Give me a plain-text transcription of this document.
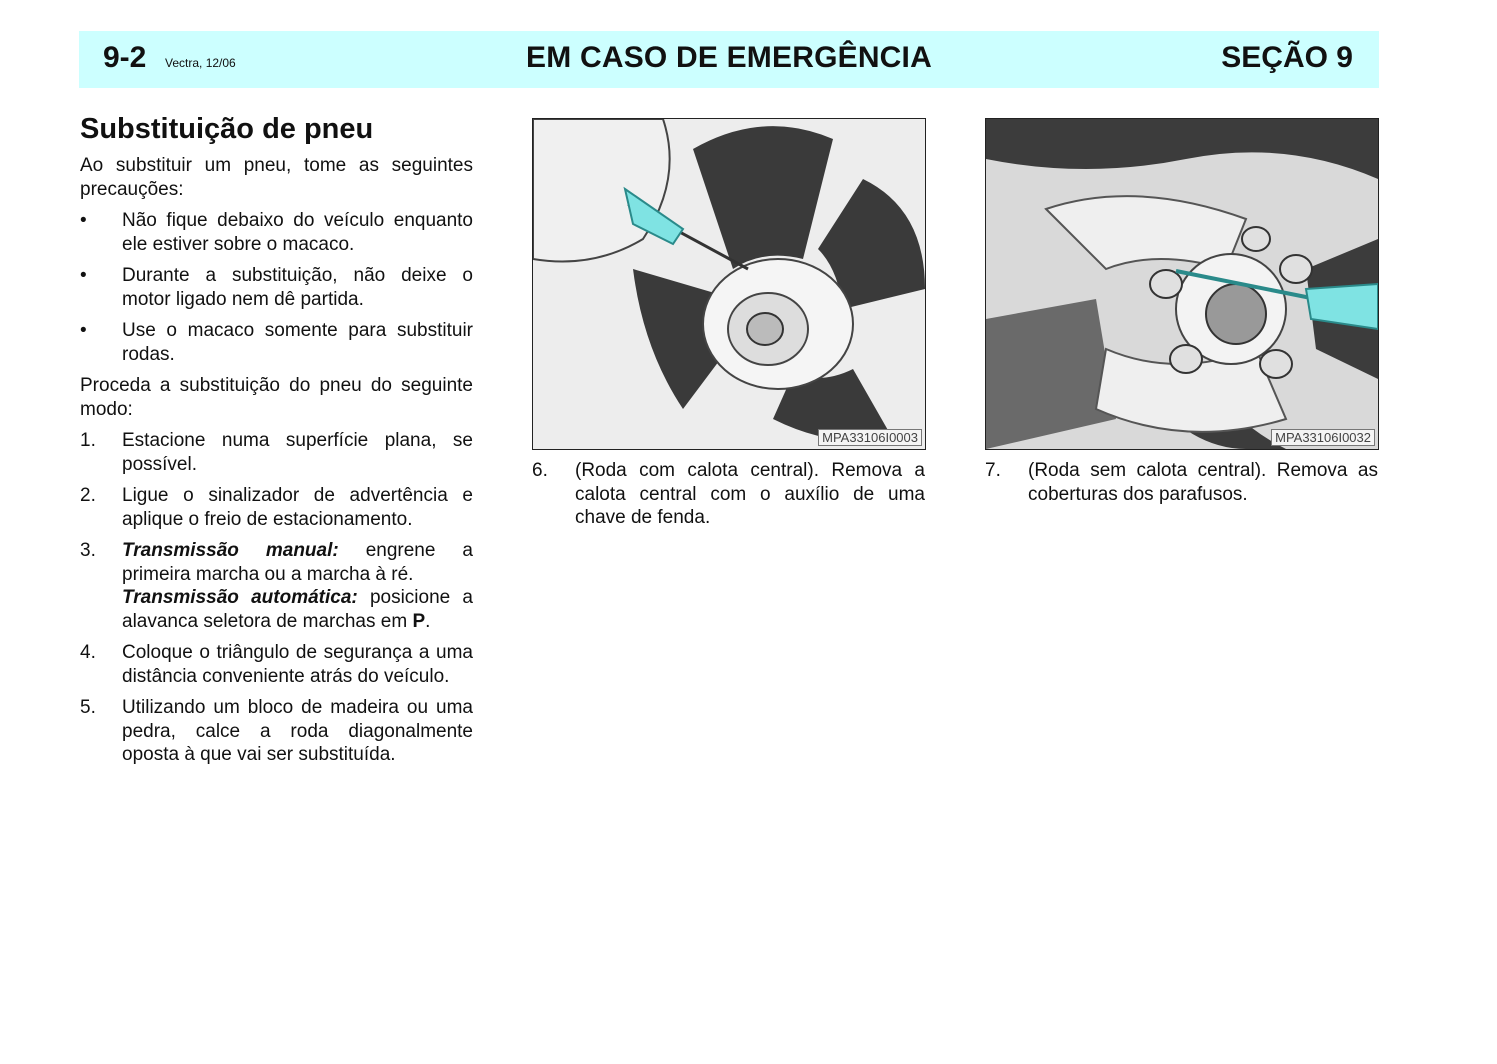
9-2 Vectra, 12/06	EM CASO DE EMERGÊNCIA	SEÇÃO 9
Substituição de pneu

Ao substituir um pneu, tome as seguintes precauções:

•	Não fique debaixo do veículo enquanto ele estiver sobre o macaco.
•	Durante a substituição, não deixe o motor ligado nem dê partida.
•	Use o macaco somente para substituir rodas.

Proceda a substituição do pneu do seguinte modo:

1.	Estacione numa superfície plana, se possível.
2.	Ligue o sinalizador de advertência e aplique o freio de estacionamento.
3.	Transmissão manual: engrene a primeira marcha ou a marcha à ré.
Transmissão automática: posicione a alavanca seletora de marchas em P.
4.	Coloque o triângulo de segurança a uma distância conveniente atrás do veículo.
5.	Utilizando um bloco de madeira ou uma pedra, calce a roda diagonalmente oposta à que vai ser substituída.
MPA33106I0003	MPA33106I0032
6.	(Roda com calota central). Remova a calota central com o auxílio de uma chave de fenda.
7.	(Roda sem calota central). Remova as coberturas dos parafusos.
